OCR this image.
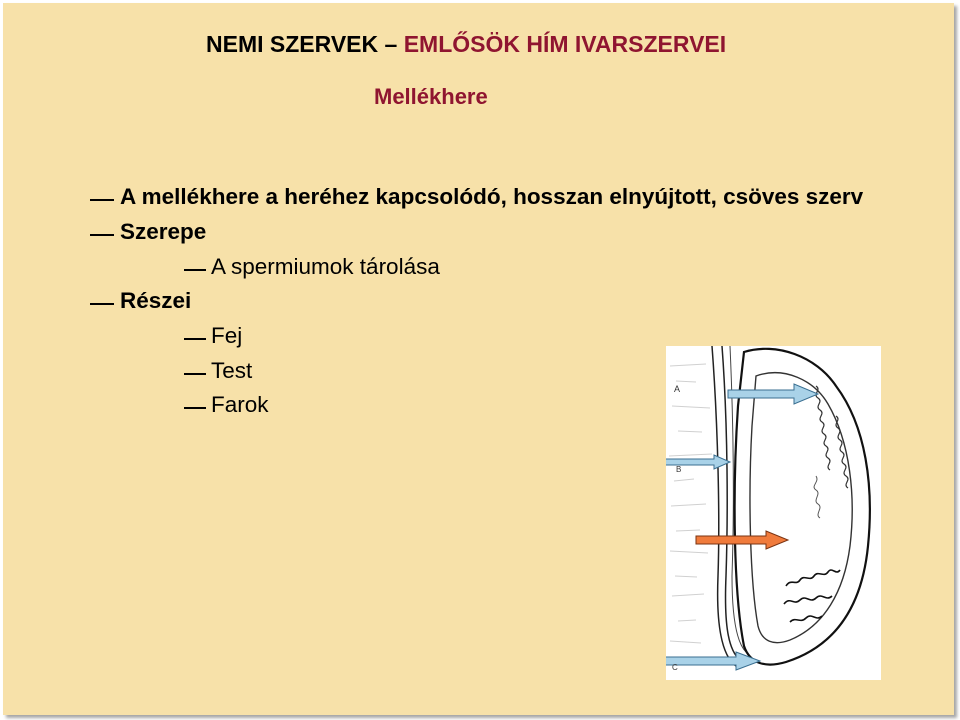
NEMI SZERVEK – EMLŐSÖK HÍM IVARSZERVEI
Mellékhere
A mellékhere a heréhez kapcsolódó, hosszan elnyújtott, csöves szerv
Szerepe
A spermiumok tárolása
Részei
Fej
Test
Farok
A
B
C
